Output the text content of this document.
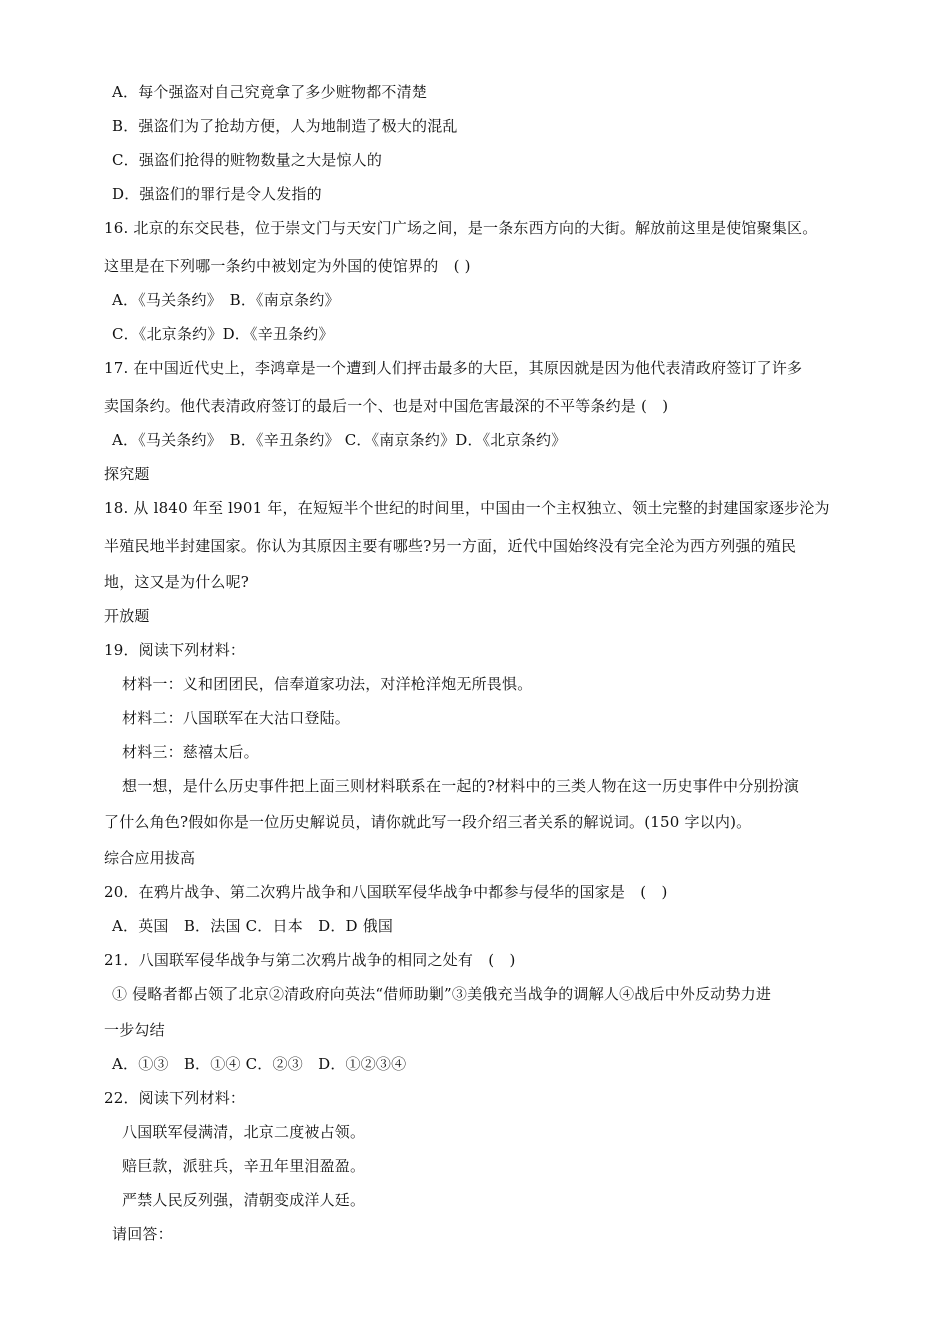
A．每个强盗对自己究竟拿了多少赃物都不清楚
B．强盗们为了抢劫方便，人为地制造了极大的混乱
C．强盗们抢得的赃物数量之大是惊人的
D．强盗们的罪行是令人发指的
16. 北京的东交民巷，位于崇文门与天安门广场之间，是一条东西方向的大街。解放前这里是使馆聚集区。
这里是在下列哪一条约中被划定为外国的使馆界的　( )
A．《马关条约》　B．《南京条约》
C．《北京条约》D．《辛丑条约》
17. 在中国近代史上，李鸿章是一个遭到人们抨击最多的大臣，其原因就是因为他代表清政府签订了许多
卖国条约。他代表清政府签订的最后一个、也是对中国危害最深的不平等条约是 (　)
A．《马关条约》　B．《辛丑条约》 C．《南京条约》D．《北京条约》
探究题
18. 从 l840 年至 l901 年，在短短半个世纪的时间里，中国由一个主权独立、领土完整的封建国家逐步沦为
半殖民地半封建国家。你认为其原因主要有哪些?另一方面，近代中国始终没有完全沦为西方列强的殖民
地，这又是为什么呢?
开放题
19．阅读下列材料：
材料一：义和团团民，信奉道家功法，对洋枪洋炮无所畏惧。
材料二：八国联军在大沽口登陆。
材料三：慈禧太后。
想一想，是什么历史事件把上面三则材料联系在一起的?材料中的三类人物在这一历史事件中分别扮演
了什么角色?假如你是一位历史解说员，请你就此写一段介绍三者关系的解说词。(150 字以内)。
综合应用拔高
20．在鸦片战争、第二次鸦片战争和八国联军侵华战争中都参与侵华的国家是　(　)
A．英国　B．法国 C．日本　D．D 俄国
21．八国联军侵华战争与第二次鸦片战争的相同之处有　(　)
① 侵略者都占领了北京②清政府向英法“借师助剿”③美俄充当战争的调解人④战后中外反动势力进
一步勾结
A．①③　B．①④ C．②③　D．①②③④
22．阅读下列材料：
八国联军侵满清，北京二度被占领。
赔巨款，派驻兵，辛丑年里泪盈盈。
严禁人民反列强，清朝变成洋人廷。
请回答：
